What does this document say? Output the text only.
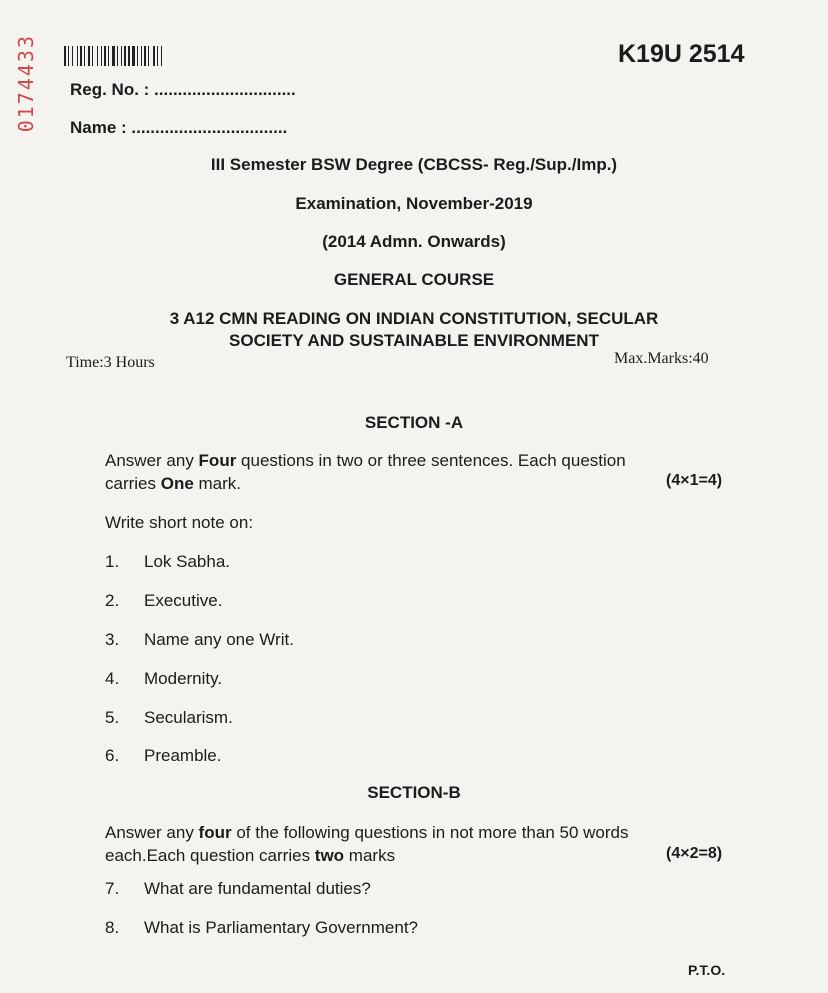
0174433	K19U 2514
Reg. No. : ..............................
Name : .................................
III Semester BSW Degree (CBCSS- Reg./Sup./Imp.)
Examination, November-2019
(2014 Admn. Onwards)
GENERAL COURSE
3 A12 CMN READING ON INDIAN CONSTITUTION, SECULAR
SOCIETY AND SUSTAINABLE ENVIRONMENT
Time:3 Hours	Max.Marks:40
SECTION -A
Answer any Four questions in two or three sentences. Each question
carries One mark.	(4×1=4)
Write short note on:
1. Lok Sabha.
2. Executive.
3. Name any one Writ.
4. Modernity.
5. Secularism.
6. Preamble.
SECTION-B
Answer any four of the following questions in not more than 50 words
each.Each question carries two marks	(4×2=8)
7. What are fundamental duties?
8. What is Parliamentary Government?
P.T.O.
